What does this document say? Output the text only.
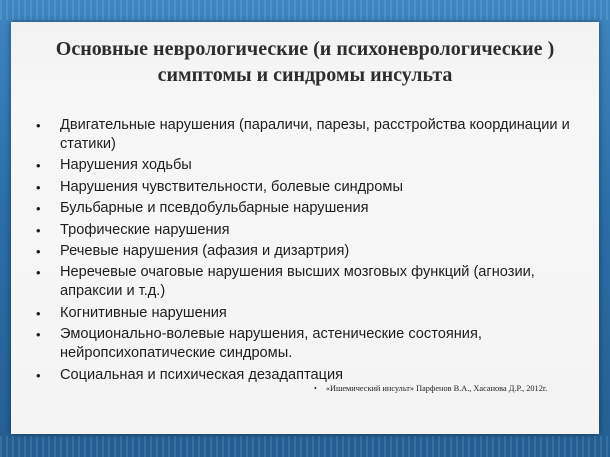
Основные неврологические (и психоневрологические )
симптомы и синдромы инсульта
• Двигательные нарушения (параличи, парезы, расстройства координации и статики)
• Нарушения ходьбы
• Нарушения чувствительности, болевые синдромы
• Бульбарные и псевдобульбарные нарушения
• Трофические нарушения
• Речевые нарушения (афазия и дизартрия)
• Неречевые очаговые нарушения высших мозговых функций (агнозии, апраксии и т.д.)
• Когнитивные нарушения
• Эмоционально-волевые нарушения, астенические состояния, нейропсихопатические синдромы.
• Социальная и психическая дезадаптация
• «Ишемический инсульт» Парфенов В.А., Хасанова Д.Р., 2012г.
